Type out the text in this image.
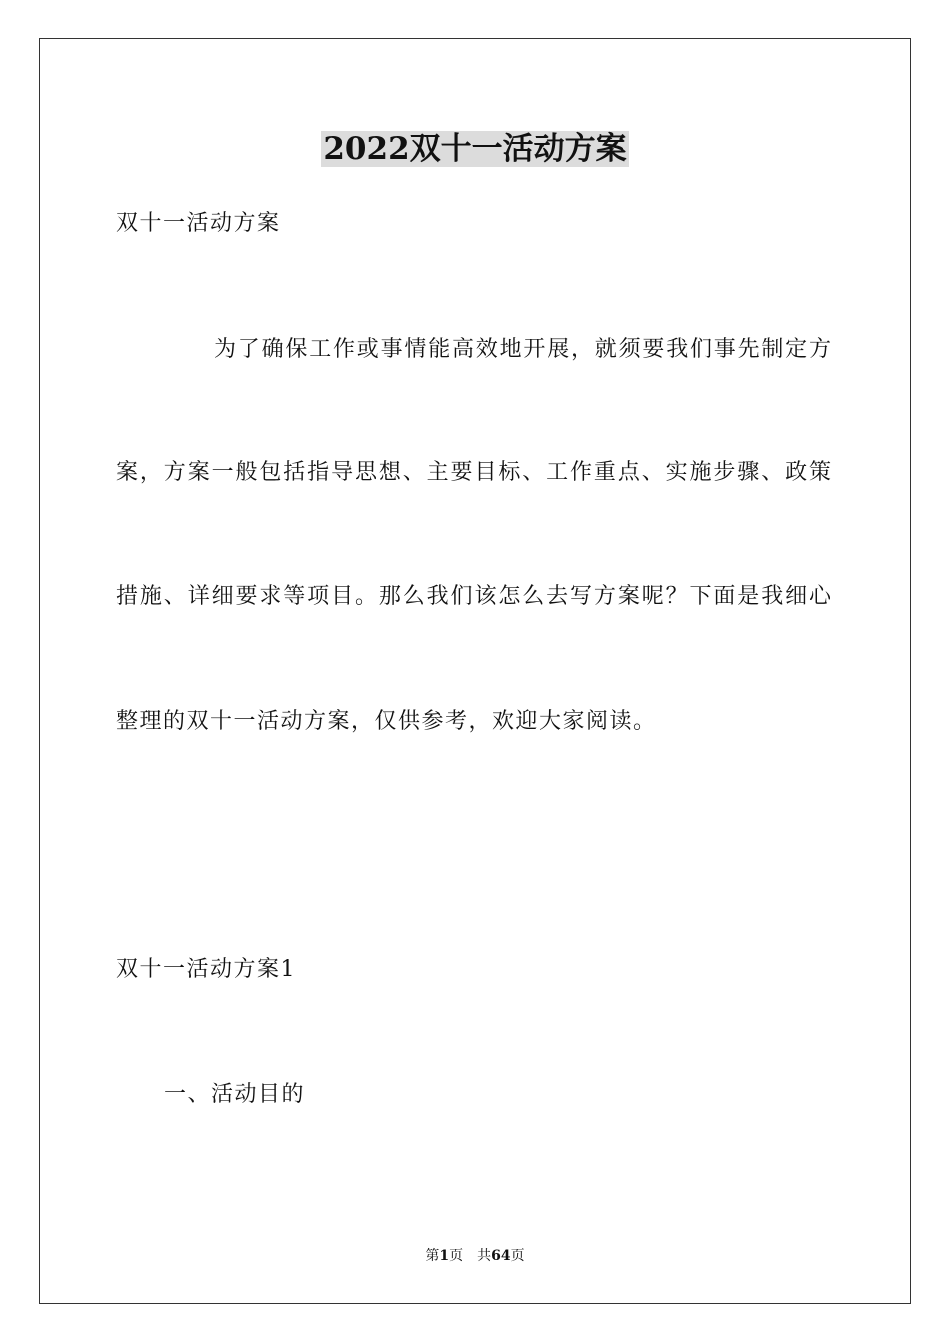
2022双十一活动方案
双十一活动方案
为了确保工作或事情能高效地开展，就须要我们事先制定方
案，方案一般包括指导思想、主要目标、工作重点、实施步骤、政策
措施、详细要求等项目。那么我们该怎么去写方案呢？下面是我细心
整理的双十一活动方案，仅供参考，欢迎大家阅读。
双十一活动方案1
一、活动目的
第1页 共64页
